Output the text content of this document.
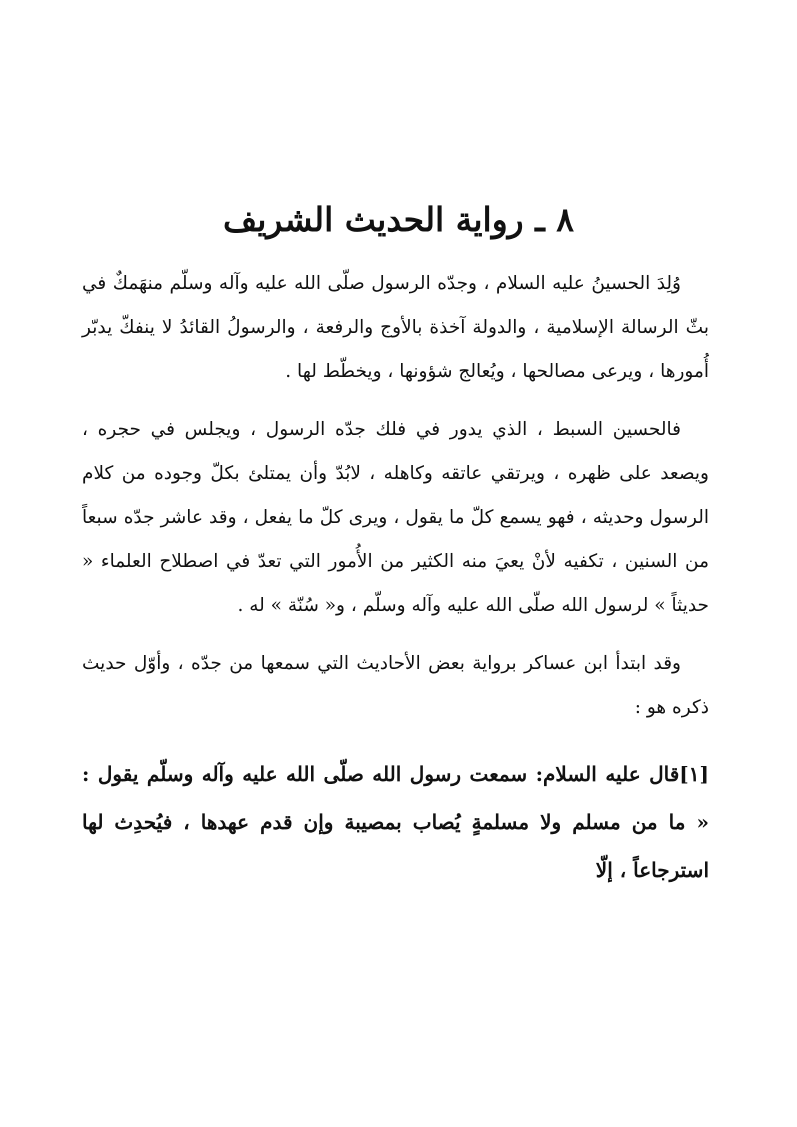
٨ ـ رواية الحديث الشريف

وُلِدَ الحسينُ عليه السلام ، وجدّه الرسول صلّى الله عليه وآله وسلّم منهَمكٌ في بثّ الرسالة الإسلامية ، والدولة آخذة بالأوج والرفعة ، والرسولُ القائدُ لا ينفكّ يدبّر أُمورها ، ويرعى مصالحها ، ويُعالج شؤونها ، ويخطّط لها .

فالحسين السبط ، الذي يدور في فلك جدّه الرسول ، ويجلس في حجره ، ويصعد على ظهره ، ويرتقي عاتقه وكاهله ، لابُدّ وأن يمتلئ بكلّ وجوده من كلام الرسول وحديثه ، فهو يسمع كلّ ما يقول ، ويرى كلّ ما يفعل ، وقد عاشر جدّه سبعاً من السنين ، تكفيه لأنْ يعيَ منه الكثير من الأُمور التي تعدّ في اصطلاح العلماء « حديثاً » لرسول الله صلّى الله عليه وآله وسلّم ، و« سُنّة » له .

وقد ابتدأ ابن عساكر برواية بعض الأحاديث التي سمعها من جدّه ، وأوّل حديث ذكره هو :

[١]قال عليه السلام: سمعت رسول الله صلّى الله عليه وآله وسلّم يقول : « ما من مسلم ولا مسلمةٍ يُصاب بمصيبة وإن قدم عهدها ، فيُحدِث لها استرجاعاً ، إلّا
